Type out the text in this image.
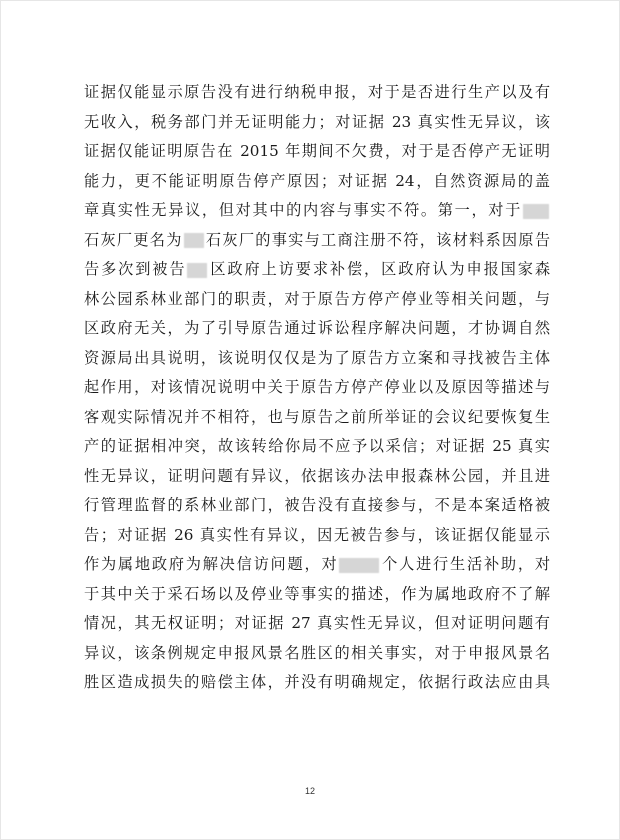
证据仅能显示原告没有进行纳税申报，对于是否进行生产以及有
无收入，税务部门并无证明能力；对证据 23 真实性无异议，该
证据仅能证明原告在 2015 年期间不欠费，对于是否停产无证明
能力，更不能证明原告停产原因；对证据 24，自然资源局的盖
章真实性无异议，但对其中的内容与事实不符。第一，对于
石灰厂更名为 石灰厂的事实与工商注册不符，该材料系因原告
告多次到被告 区政府上访要求补偿，区政府认为申报国家森
林公园系林业部门的职责，对于原告方停产停业等相关问题，与
区政府无关，为了引导原告通过诉讼程序解决问题，才协调自然
资源局出具说明，该说明仅仅是为了原告方立案和寻找被告主体
起作用，对该情况说明中关于原告方停产停业以及原因等描述与
客观实际情况并不相符，也与原告之前所举证的会议纪要恢复生
产的证据相冲突，故该转给你局不应予以采信；对证据 25 真实
性无异议，证明问题有异议，依据该办法申报森林公园，并且进
行管理监督的系林业部门，被告没有直接参与，不是本案适格被
告；对证据 26 真实性有异议，因无被告参与，该证据仅能显示
作为属地政府为解决信访问题，对	个人进行生活补助，对
于其中关于采石场以及停业等事实的描述，作为属地政府不了解
情况，其无权证明；对证据 27 真实性无异议，但对证明问题有
异议，该条例规定申报风景名胜区的相关事实，对于申报风景名
胜区造成损失的赔偿主体，并没有明确规定，依据行政法应由具
12
